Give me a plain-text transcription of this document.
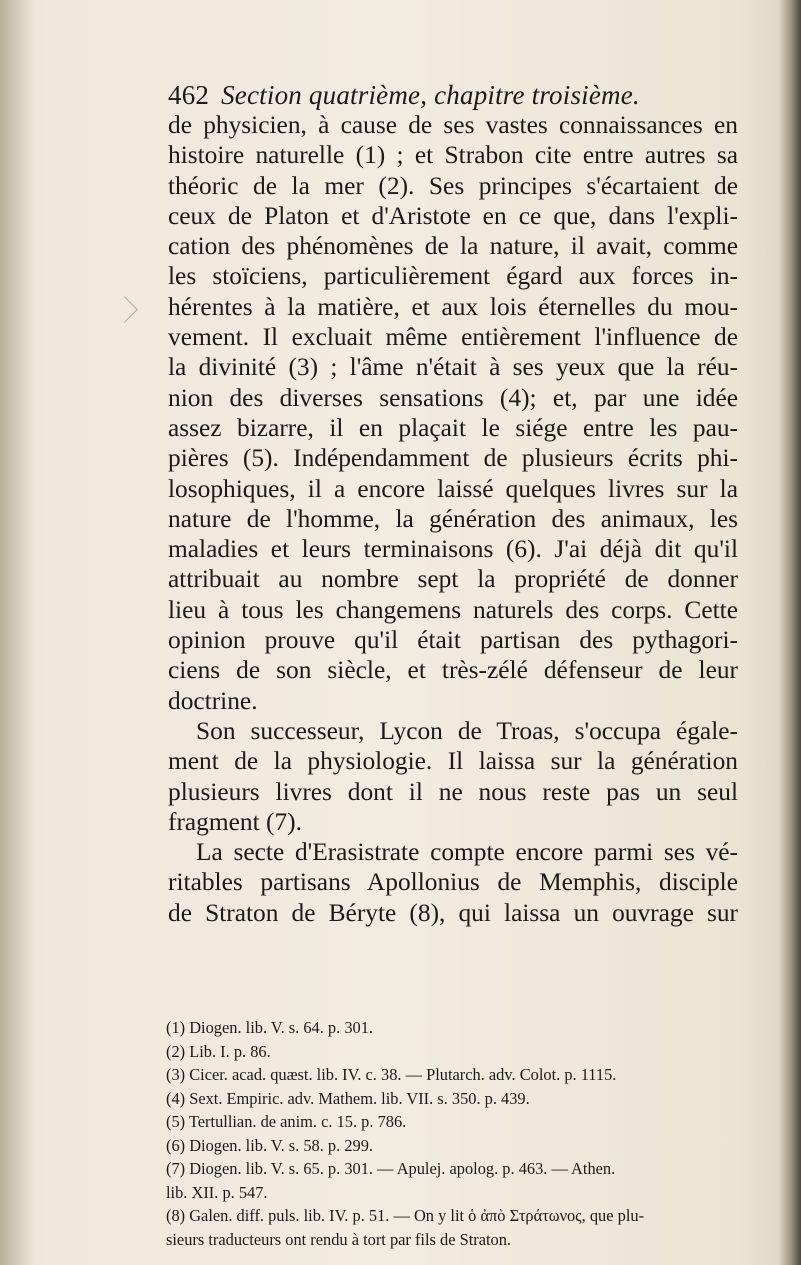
462 Section quatrième, chapitre troisième.
de physicien, à cause de ses vastes connaissances en
histoire naturelle (1) ; et Strabon cite entre autres sa
théoric de la mer (2). Ses principes s'écartaient de
ceux de Platon et d'Aristote en ce que, dans l'expli-
cation des phénomènes de la nature, il avait, comme
les stoïciens, particulièrement égard aux forces in-
hérentes à la matière, et aux lois éternelles du mou-
vement. Il excluait même entièrement l'influence de
la divinité (3) ; l'âme n'était à ses yeux que la réu-
nion des diverses sensations (4); et, par une idée
assez bizarre, il en plaçait le siége entre les pau-
pières (5). Indépendamment de plusieurs écrits phi-
losophiques, il a encore laissé quelques livres sur la
nature de l'homme, la génération des animaux, les
maladies et leurs terminaisons (6). J'ai déjà dit qu'il
attribuait au nombre sept la propriété de donner
lieu à tous les changemens naturels des corps. Cette
opinion prouve qu'il était partisan des pythagori-
ciens de son siècle, et très-zélé défenseur de leur
doctrine.
Son successeur, Lycon de Troas, s'occupa égale-
ment de la physiologie. Il laissa sur la génération
plusieurs livres dont il ne nous reste pas un seul
fragment (7).
La secte d'Erasistrate compte encore parmi ses vé-
ritables partisans Apollonius de Memphis, disciple
de Straton de Béryte (8), qui laissa un ouvrage sur
(1) Diogen. lib. V. s. 64. p. 301.
(2) Lib. I. p. 86.
(3) Cicer. acad. quæst. lib. IV. c. 38. — Plutarch. adv. Colot. p. 1115.
(4) Sext. Empiric. adv. Mathem. lib. VII. s. 350. p. 439.
(5) Tertullian. de anim. c. 15. p. 786.
(6) Diogen. lib. V. s. 58. p. 299.
(7) Diogen. lib. V. s. 65. p. 301. — Apulej. apolog. p. 463. — Athen.
lib. XII. p. 547.
(8) Galen. diff. puls. lib. IV. p. 51. — On y lit ὁ ἀπὸ Στράτωνος, que plu-
sieurs traducteurs ont rendu à tort par fils de Straton.
